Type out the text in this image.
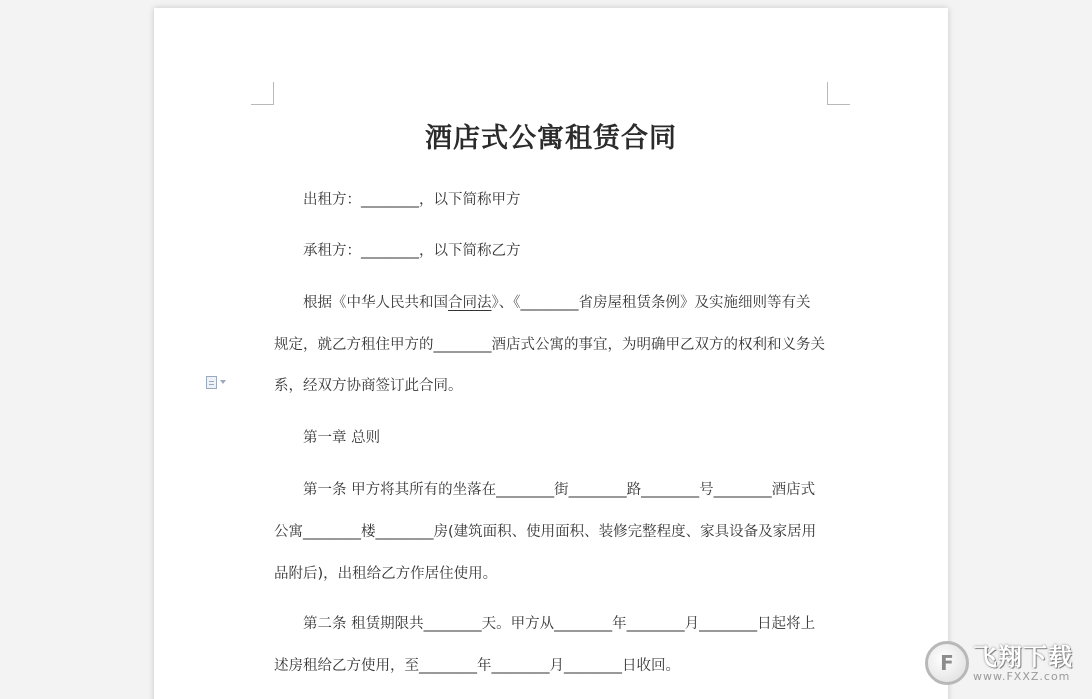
酒店式公寓租赁合同
出租方：________，以下简称甲方
承租方：________，以下简称乙方
根据《中华人民共和国合同法》、《________省房屋租赁条例》及实施细则等有关
规定，就乙方租住甲方的________酒店式公寓的事宜，为明确甲乙双方的权利和义务关
系，经双方协商签订此合同。
第一章 总则
第一条 甲方将其所有的坐落在________街________路________号________酒店式
公寓________楼________房(建筑面积、使用面积、装修完整程度、家具设备及家居用
品附后)，出租给乙方作居住使用。
第二条 租赁期限共________天。甲方从________年________月________日起将上
述房租给乙方使用，至________年________月________日收回。	F 飞翔下载
www.FXXZ.com
